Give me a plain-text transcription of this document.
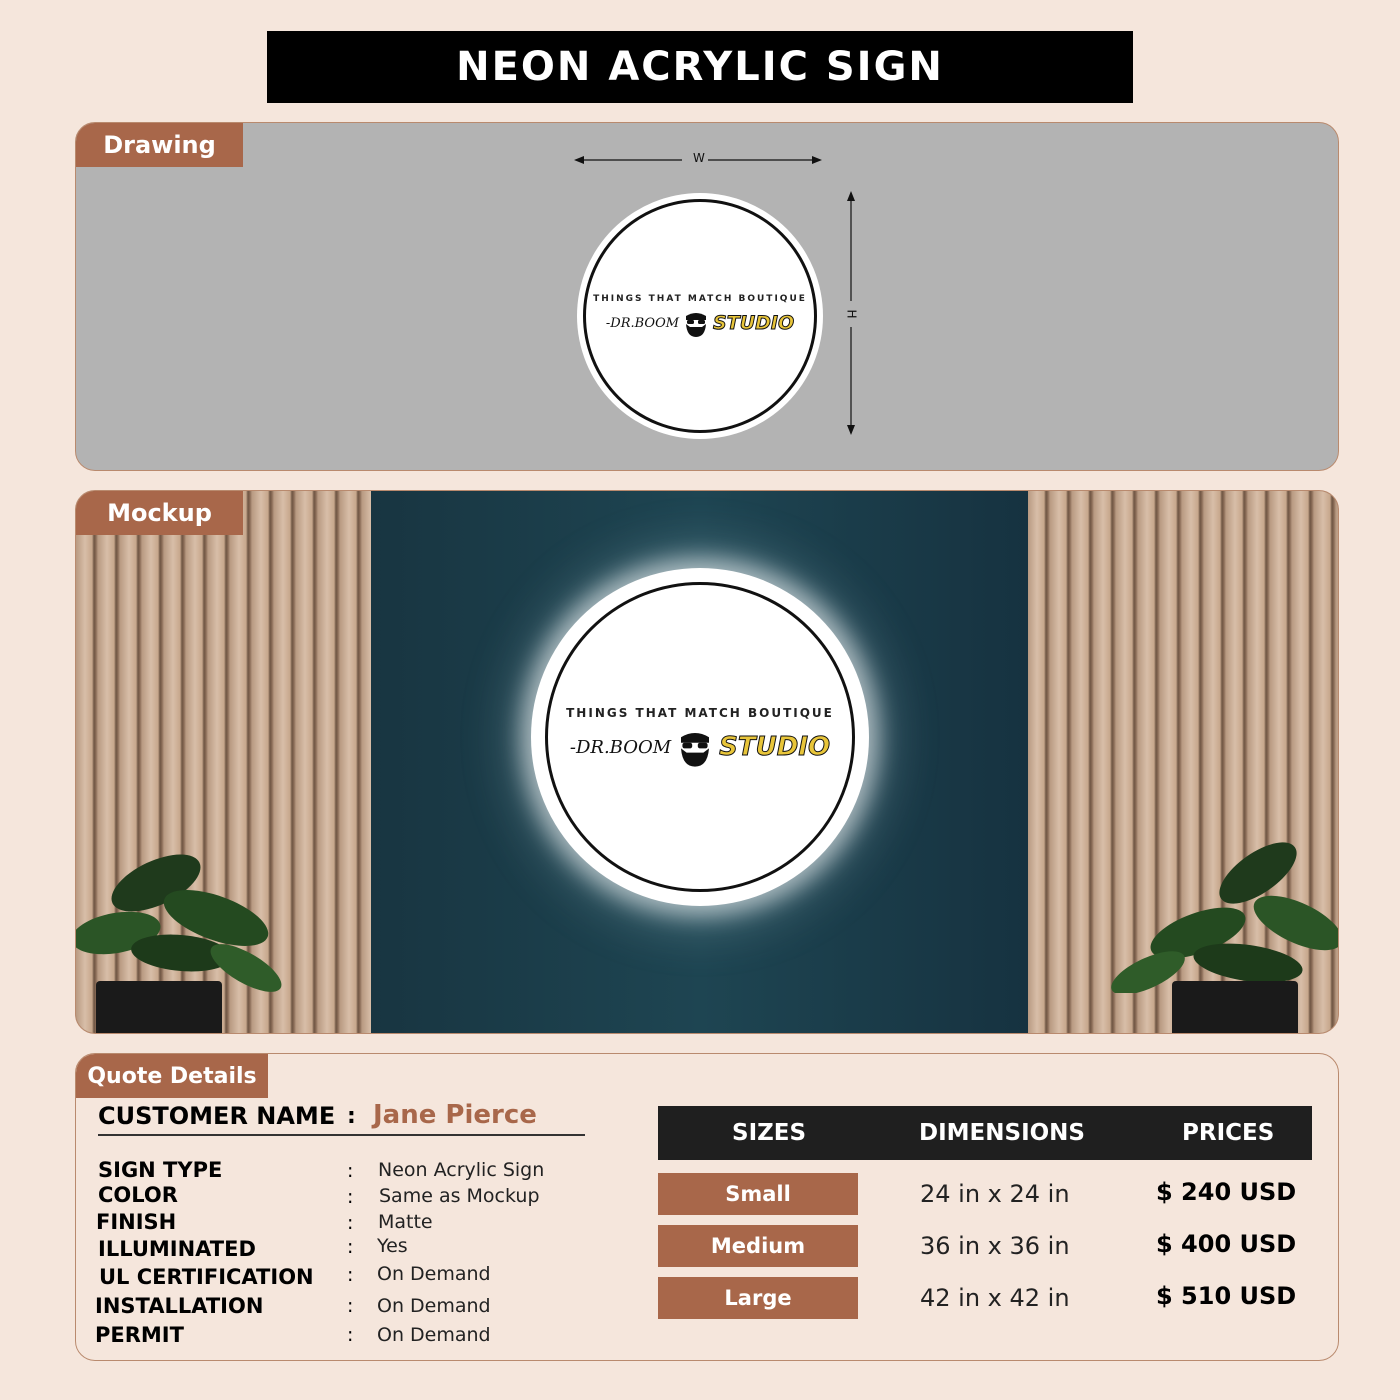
NEON ACRYLIC SIGN
Drawing	W
H
THINGS THAT MATCH BOUTIQUE
-DR.BOOM STUDIO
THINGS THAT MATCH BOUTIQUE
-DR.BOOM STUDIO
Mockup
Quote Details
CUSTOMER NAME : Jane Pierce
SIGN TYPE	: Neon Acrylic Sign
COLOR	: Same as Mockup
FINISH	: Matte
ILLUMINATED	: Yes
UL CERTIFICATION : On Demand
INSTALLATION	: On Demand
PERMIT	: On Demand
SIZES	DIMENSIONS	PRICES
Small	24 in x 24 in	$ 240 USD
Medium	36 in x 36 in	$ 400 USD
Large	42 in x 42 in	$ 510 USD
